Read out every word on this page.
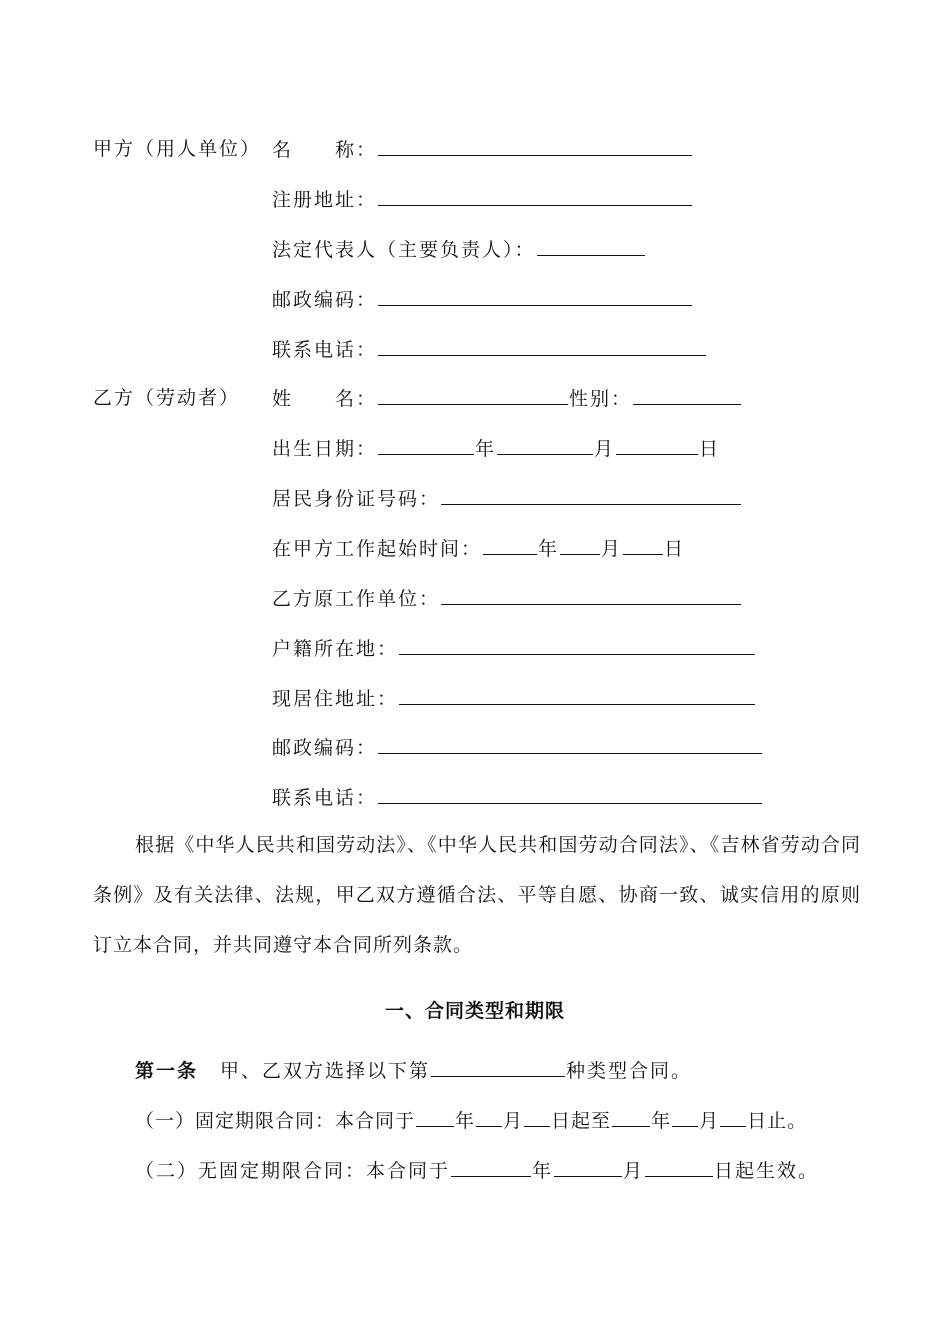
甲方（用人单位） 名　　称：
注册地址：
法定代表人（主要负责人）：
邮政编码：
联系电话：
乙方（劳动者） 姓　　名：	性别：
出生日期：	年	月	日
居民身份证号码：
在甲方工作起始时间：	年 月 日
乙方原工作单位：
户籍所在地：
现居住地址：
邮政编码：
联系电话：
根据《中华人民共和国劳动法》、《中华人民共和国劳动合同法》、《吉林省劳动合同条例》及有关法律、法规，甲乙双方遵循合法、平等自愿、协商一致、诚实信用的原则订立本合同，并共同遵守本合同所列条款。
一、合同类型和期限
第一条 甲、乙双方选择以下第	种类型合同。
（一）固定期限合同：本合同于 年 月 日起至 年 月 日止。
（二）无固定期限合同：本合同于	年	月	日起生效。
